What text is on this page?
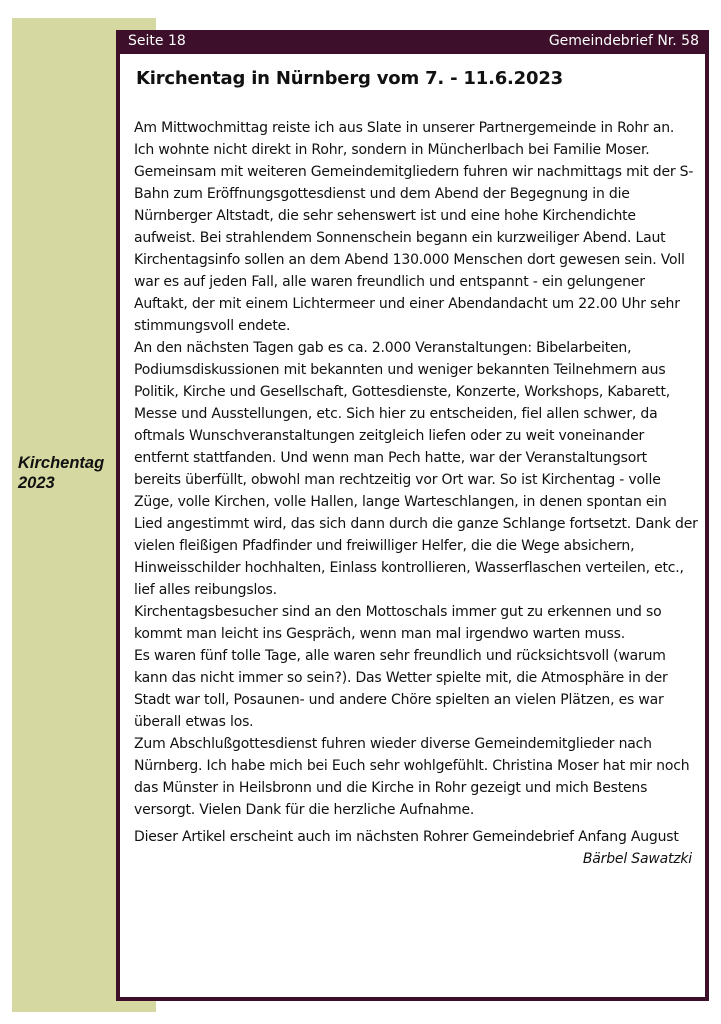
Kirchentag
2023
Seite 18	Gemeindebrief Nr. 58
Kirchentag in Nürnberg vom 7. - 11.6.2023

Am Mittwochmittag reiste ich aus Slate in unserer Partnergemeinde in Rohr an. Ich wohnte nicht direkt in Rohr, sondern in Müncherlbach bei Familie Moser. Gemeinsam mit weiteren Gemeindemitgliedern fuhren wir nachmittags mit der S-Bahn zum Eröffnungsgottesdienst und dem Abend der Begegnung in die Nürnberger Altstadt, die sehr sehenswert ist und eine hohe Kirchendichte aufweist. Bei strahlendem Sonnenschein begann ein kurzweiliger Abend. Laut Kirchentagsinfo sollen an dem Abend 130.000 Menschen dort gewesen sein. Voll war es auf jeden Fall, alle waren freundlich und entspannt - ein gelungener Auftakt, der mit einem Lichtermeer und einer Abendandacht um 22.00 Uhr sehr stimmungsvoll endete.

An den nächsten Tagen gab es ca. 2.000 Veranstaltungen: Bibelarbeiten, Podiumsdiskussionen mit bekannten und weniger bekannten Teilnehmern aus Politik, Kirche und Gesellschaft, Gottesdienste, Konzerte, Workshops, Kabarett, Messe und Ausstellungen, etc. Sich hier zu entscheiden, fiel allen schwer, da oftmals Wunschveranstaltungen zeitgleich liefen oder zu weit voneinander entfernt stattfanden. Und wenn man Pech hatte, war der Veranstaltungsort bereits überfüllt, obwohl man rechtzeitig vor Ort war. So ist Kirchentag - volle Züge, volle Kirchen, volle Hallen, lange Warteschlangen, in denen spontan ein Lied angestimmt wird, das sich dann durch die ganze Schlange fortsetzt. Dank der vielen fleißigen Pfadfinder und freiwilliger Helfer, die die Wege absichern, Hinweisschilder hochhalten, Einlass kontrollieren, Wasserflaschen verteilen, etc., lief alles reibungslos.

Kirchentagsbesucher sind an den Mottoschals immer gut zu erkennen und so kommt man leicht ins Gespräch, wenn man mal irgendwo warten muss.

Es waren fünf tolle Tage, alle waren sehr freundlich und rücksichtsvoll (warum kann das nicht immer so sein?). Das Wetter spielte mit, die Atmosphäre in der Stadt war toll, Posaunen- und andere Chöre spielten an vielen Plätzen, es war überall etwas los.

Zum Abschlußgottesdienst fuhren wieder diverse Gemeindemitglieder nach Nürnberg. Ich habe mich bei Euch sehr wohlgefühlt. Christina Moser hat mir noch das Münster in Heilsbronn und die Kirche in Rohr gezeigt und mich Bestens versorgt. Vielen Dank für die herzliche Aufnahme.

Dieser Artikel erscheint auch im nächsten Rohrer Gemeindebrief Anfang August
Bärbel Sawatzki
